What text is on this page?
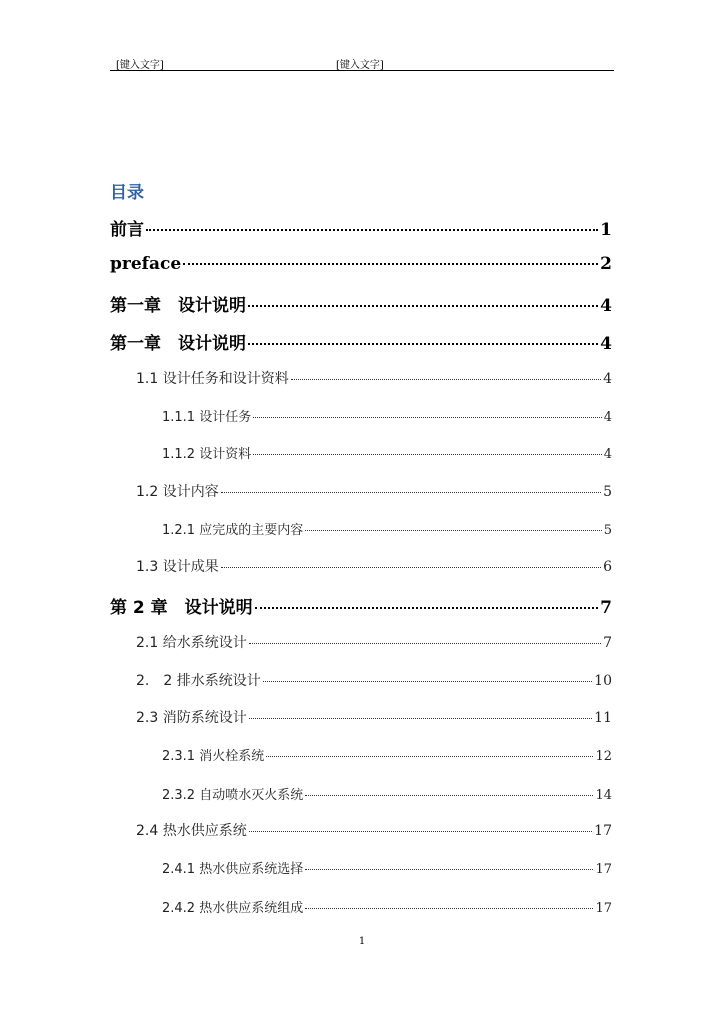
[键入文字]	[键入文字]
目录
前言	1
preface	2
第一章　设计说明	4
第一章　设计说明	4
1.1 设计任务和设计资料	4
1.1.1 设计任务	4
1.1.2 设计资料	4
1.2 设计内容	5
1.2.1 应完成的主要内容	5
1.3 设计成果	6
第 2 章　设计说明	7
2.1 给水系统设计	7
2.　2 排水系统设计	10
2.3 消防系统设计	11
2.3.1 消火栓系统	12
2.3.2 自动喷水灭火系统	14
2.4 热水供应系统	17
2.4.1 热水供应系统选择	17
2.4.2 热水供应系统组成	17
1
